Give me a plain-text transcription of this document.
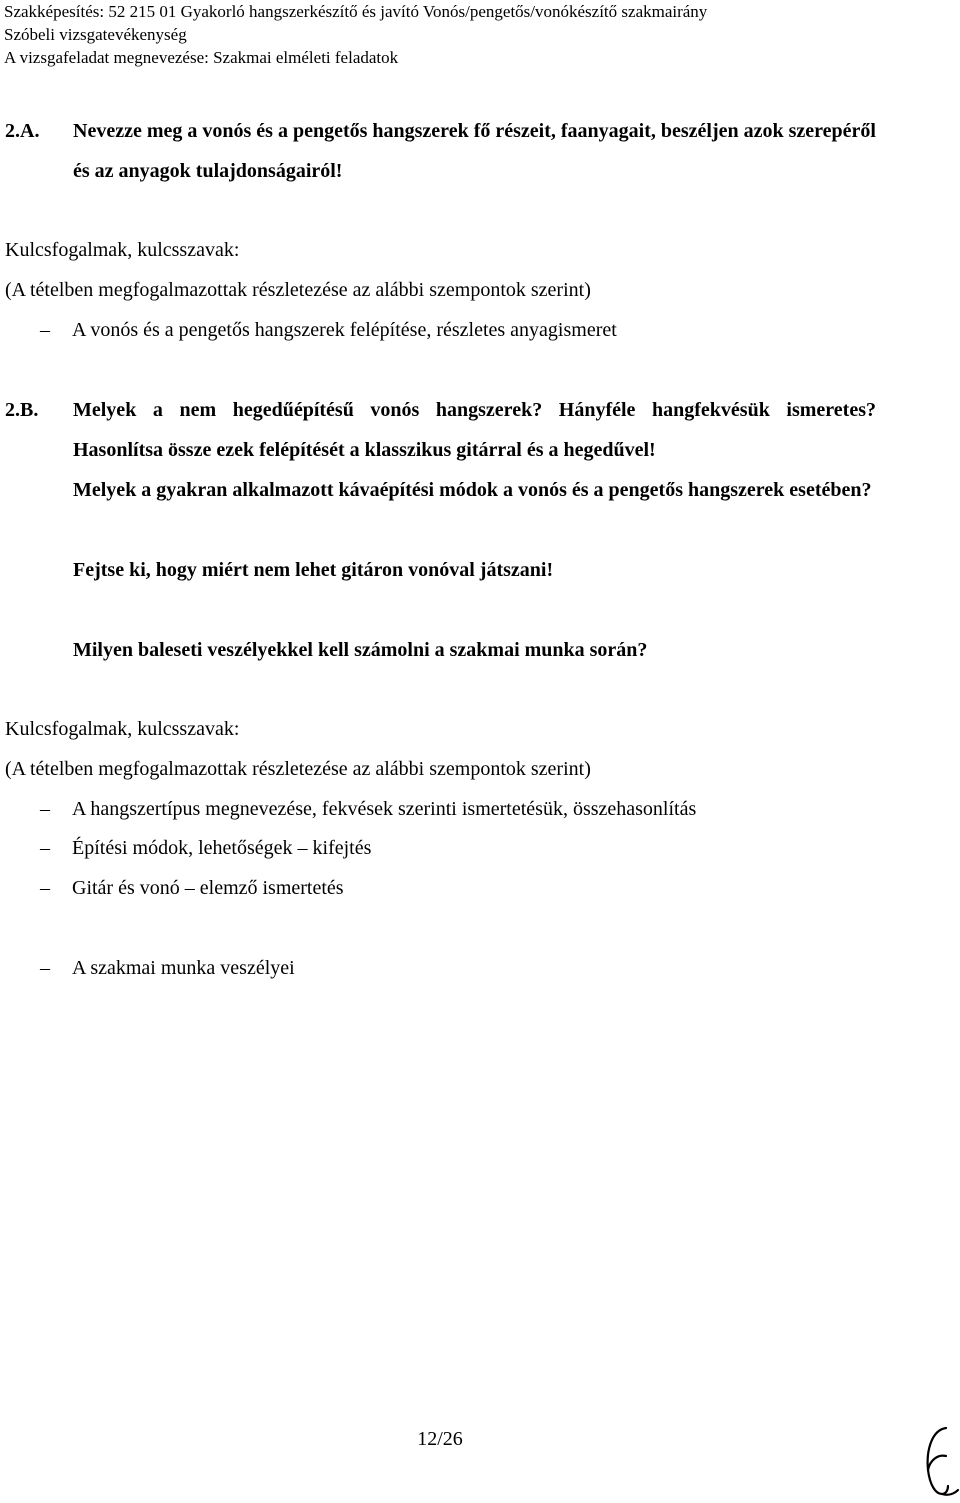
Szakképesítés: 52 215 01 Gyakorló hangszerkészítő és javító Vonós/pengetős/vonókészítő szakmairány
Szóbeli vizsgatevékenység
A vizsgafeladat megnevezése: Szakmai elméleti feladatok
2.A. Nevezze meg a vonós és a pengetős hangszerek fő részeit, faanyagait, beszéljen azok szerepéről és az anyagok tulajdonságairól!
Kulcsfogalmak, kulcsszavak:
(A tételben megfogalmazottak részletezése az alábbi szempontok szerint)
– A vonós és a pengetős hangszerek felépítése, részletes anyagismeret
2.B. Melyek a nem hegedűépítésű vonós hangszerek? Hányféle hangfekvésük ismeretes? Hasonlítsa össze ezek felépítését a klasszikus gitárral és a hegedűvel!
Melyek a gyakran alkalmazott kávaépítési módok a vonós és a pengetős hangszerek esetében?
Fejtse ki, hogy miért nem lehet gitáron vonóval játszani!
Milyen baleseti veszélyekkel kell számolni a szakmai munka során?
Kulcsfogalmak, kulcsszavak:
(A tételben megfogalmazottak részletezése az alábbi szempontok szerint)
– A hangszertípus megnevezése, fekvések szerinti ismertetésük, összehasonlítás
– Építési módok, lehetőségek – kifejtés
– Gitár és vonó – elemző ismertetés
– A szakmai munka veszélyei
12/26
